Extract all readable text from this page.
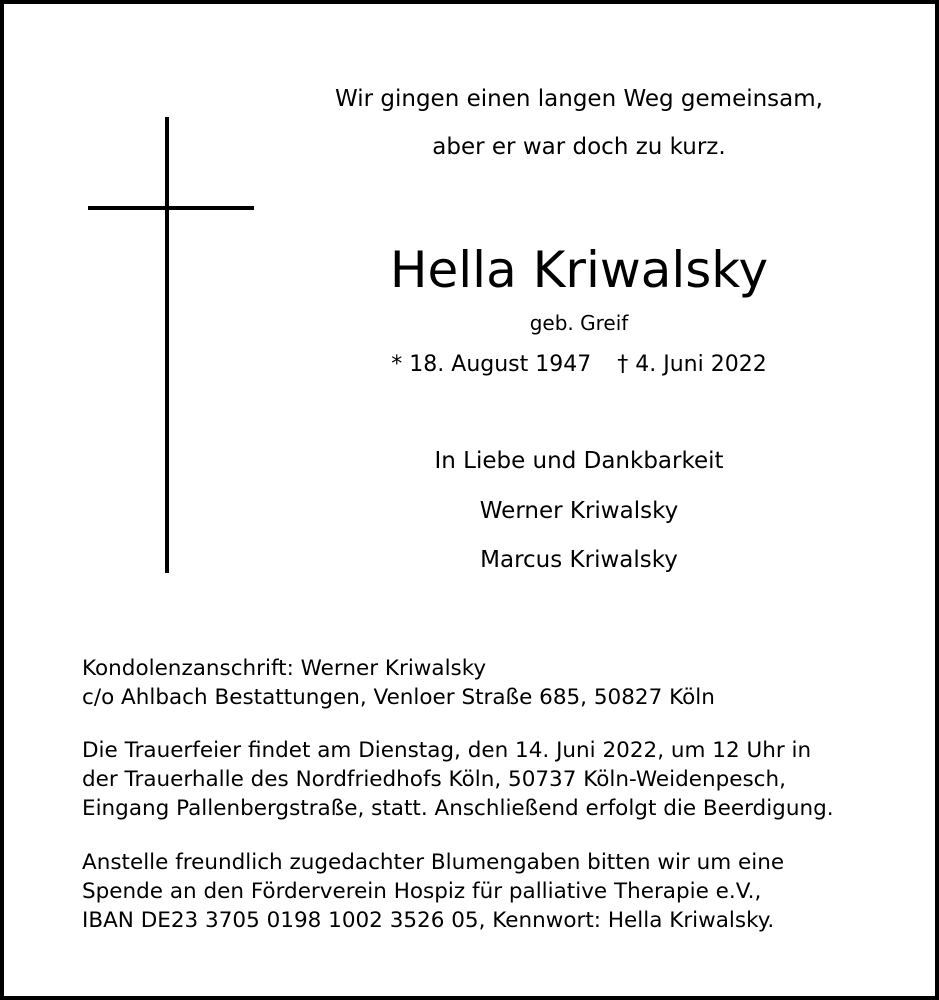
Wir gingen einen langen Weg gemeinsam,
aber er war doch zu kurz.
Hella Kriwalsky
geb. Greif
* 18. August 1947 † 4. Juni 2022
In Liebe und Dankbarkeit
Werner Kriwalsky
Marcus Kriwalsky
Kondolenzanschrift: Werner Kriwalsky
c/o Ahlbach Bestattungen, Venloer Straße 685, 50827 Köln
Die Trauerfeier findet am Dienstag, den 14. Juni 2022, um 12 Uhr in
der Trauerhalle des Nordfriedhofs Köln, 50737 Köln-Weidenpesch,
Eingang Pallenbergstraße, statt. Anschließend erfolgt die Beerdigung.
Anstelle freundlich zugedachter Blumengaben bitten wir um eine
Spende an den Förderverein Hospiz für palliative Therapie e.V.,
IBAN DE23 3705 0198 1002 3526 05, Kennwort: Hella Kriwalsky.
